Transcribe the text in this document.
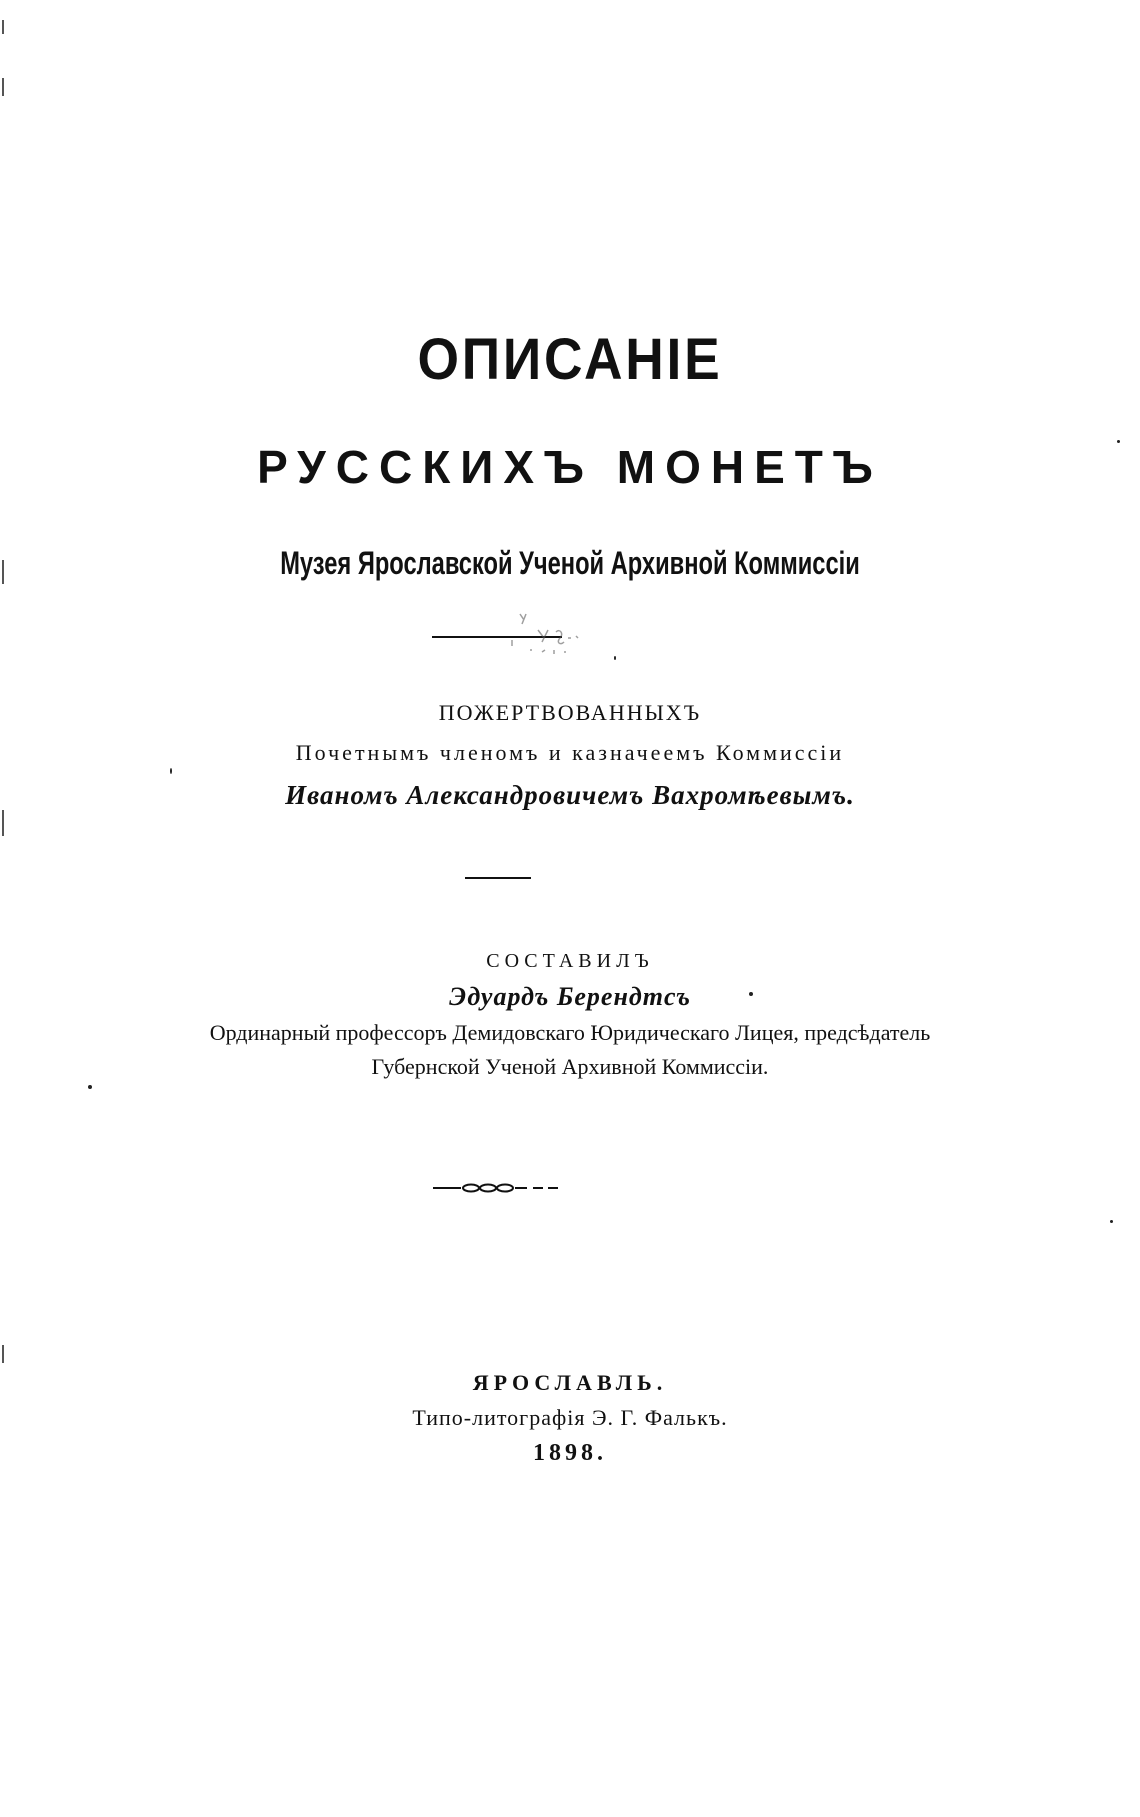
ОПИСАНІЕ
РУССКИХЪ МОНЕТЪ
Музея Ярославской Ученой Архивной Коммиссіи
ПОЖЕРТВОВАННЫХЪ
Почетнымъ членомъ и казначеемъ Коммиссіи
Иваномъ Александровичемъ Вахромѣевымъ.
СОСТАВИЛЪ
Эдуардъ Берендтсъ
Ординарный профессоръ Демидовскаго Юридическаго Лицея, предсѣдатель
Губернской Ученой Архивной Коммиссіи.
ЯРОСЛАВЛЬ.
Типо-литографія Э. Г. Фалькъ.
1898.
